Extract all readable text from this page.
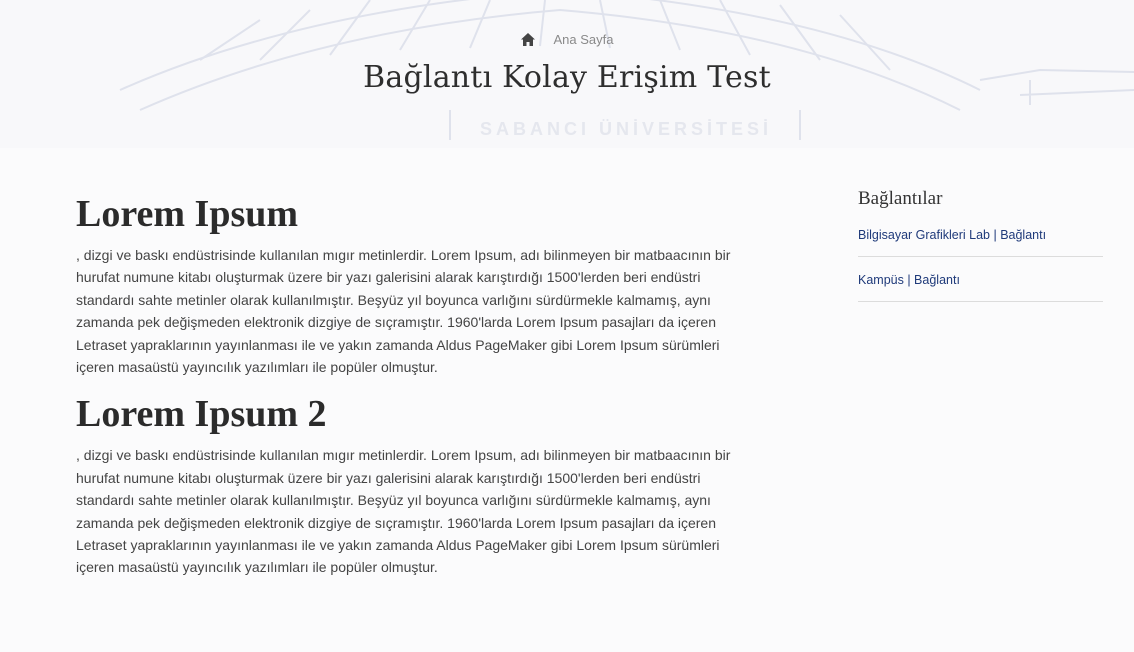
SABANCI ÜNİVERSİTESİ
Ana Sayfa
Bağlantı Kolay Erişim Test
Lorem Ipsum

, dizgi ve baskı endüstrisinde kullanılan mıgır metinlerdir. Lorem Ipsum, adı bilinmeyen bir matbaacının bir hurufat numune kitabı oluşturmak üzere bir yazı galerisini alarak karıştırdığı 1500'lerden beri endüstri standardı sahte metinler olarak kullanılmıştır. Beşyüz yıl boyunca varlığını sürdürmekle kalmamış, aynı zamanda pek değişmeden elektronik dizgiye de sıçramıştır. 1960'larda Lorem Ipsum pasajları da içeren Letraset yapraklarının yayınlanması ile ve yakın zamanda Aldus PageMaker gibi Lorem Ipsum sürümleri içeren masaüstü yayıncılık yazılımları ile popüler olmuştur.

Lorem Ipsum 2

, dizgi ve baskı endüstrisinde kullanılan mıgır metinlerdir. Lorem Ipsum, adı bilinmeyen bir matbaacının bir hurufat numune kitabı oluşturmak üzere bir yazı galerisini alarak karıştırdığı 1500'lerden beri endüstri standardı sahte metinler olarak kullanılmıştır. Beşyüz yıl boyunca varlığını sürdürmekle kalmamış, aynı zamanda pek değişmeden elektronik dizgiye de sıçramıştır. 1960'larda Lorem Ipsum pasajları da içeren Letraset yapraklarının yayınlanması ile ve yakın zamanda Aldus PageMaker gibi Lorem Ipsum sürümleri içeren masaüstü yayıncılık yazılımları ile popüler olmuştur.

Bağlantılar
Bilgisayar Grafikleri Lab | Bağlantı
Kampüs | Bağlantı
